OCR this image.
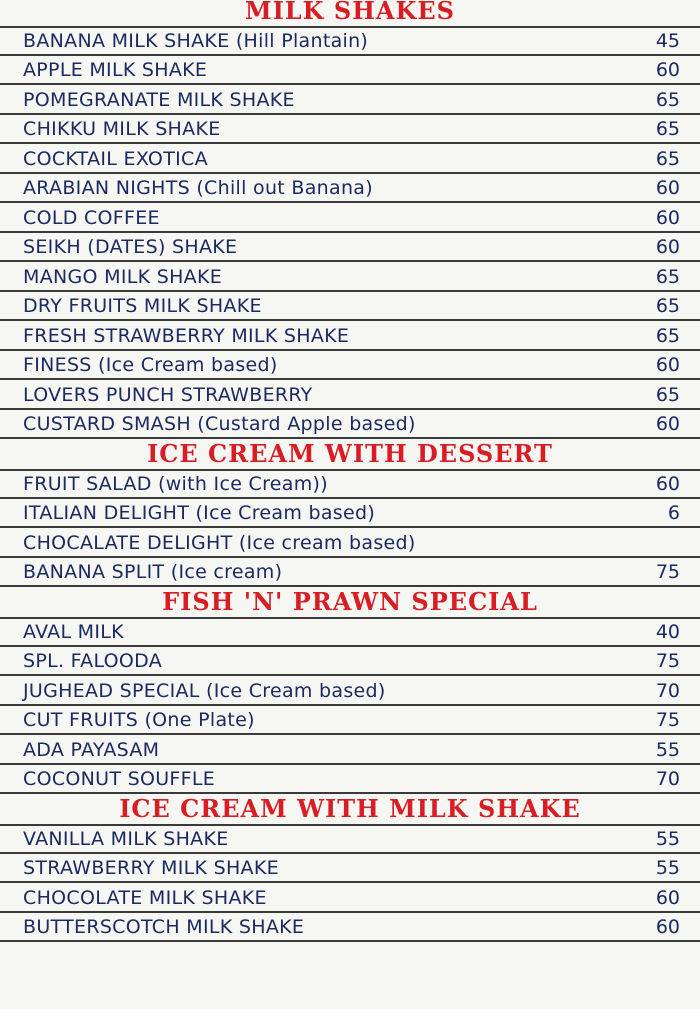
MILK SHAKES
BANANA MILK SHAKE (Hill Plantain)	45
APPLE MILK SHAKE	60
POMEGRANATE MILK SHAKE	65
CHIKKU MILK SHAKE	65
COCKTAIL EXOTICA	65
ARABIAN NIGHTS (Chill out Banana)	60
COLD COFFEE	60
SEIKH (DATES) SHAKE	60
MANGO MILK SHAKE	65
DRY FRUITS MILK SHAKE	65
FRESH STRAWBERRY MILK SHAKE	65
FINESS (Ice Cream based)	60
LOVERS PUNCH STRAWBERRY	65
CUSTARD SMASH (Custard Apple based)	60
ICE CREAM WITH DESSERT
FRUIT SALAD (with Ice Cream))	60
ITALIAN DELIGHT (Ice Cream based)	6
CHOCALATE DELIGHT (Ice cream based)
BANANA SPLIT (Ice cream)	75
FISH 'N' PRAWN SPECIAL
AVAL MILK	40
SPL. FALOODA	75
JUGHEAD SPECIAL (Ice Cream based)	70
CUT FRUITS (One Plate)	75
ADA PAYASAM	55
COCONUT SOUFFLE	70
ICE CREAM WITH MILK SHAKE
VANILLA MILK SHAKE	55
STRAWBERRY MILK SHAKE	55
CHOCOLATE MILK SHAKE	60
BUTTERSCOTCH MILK SHAKE	60
